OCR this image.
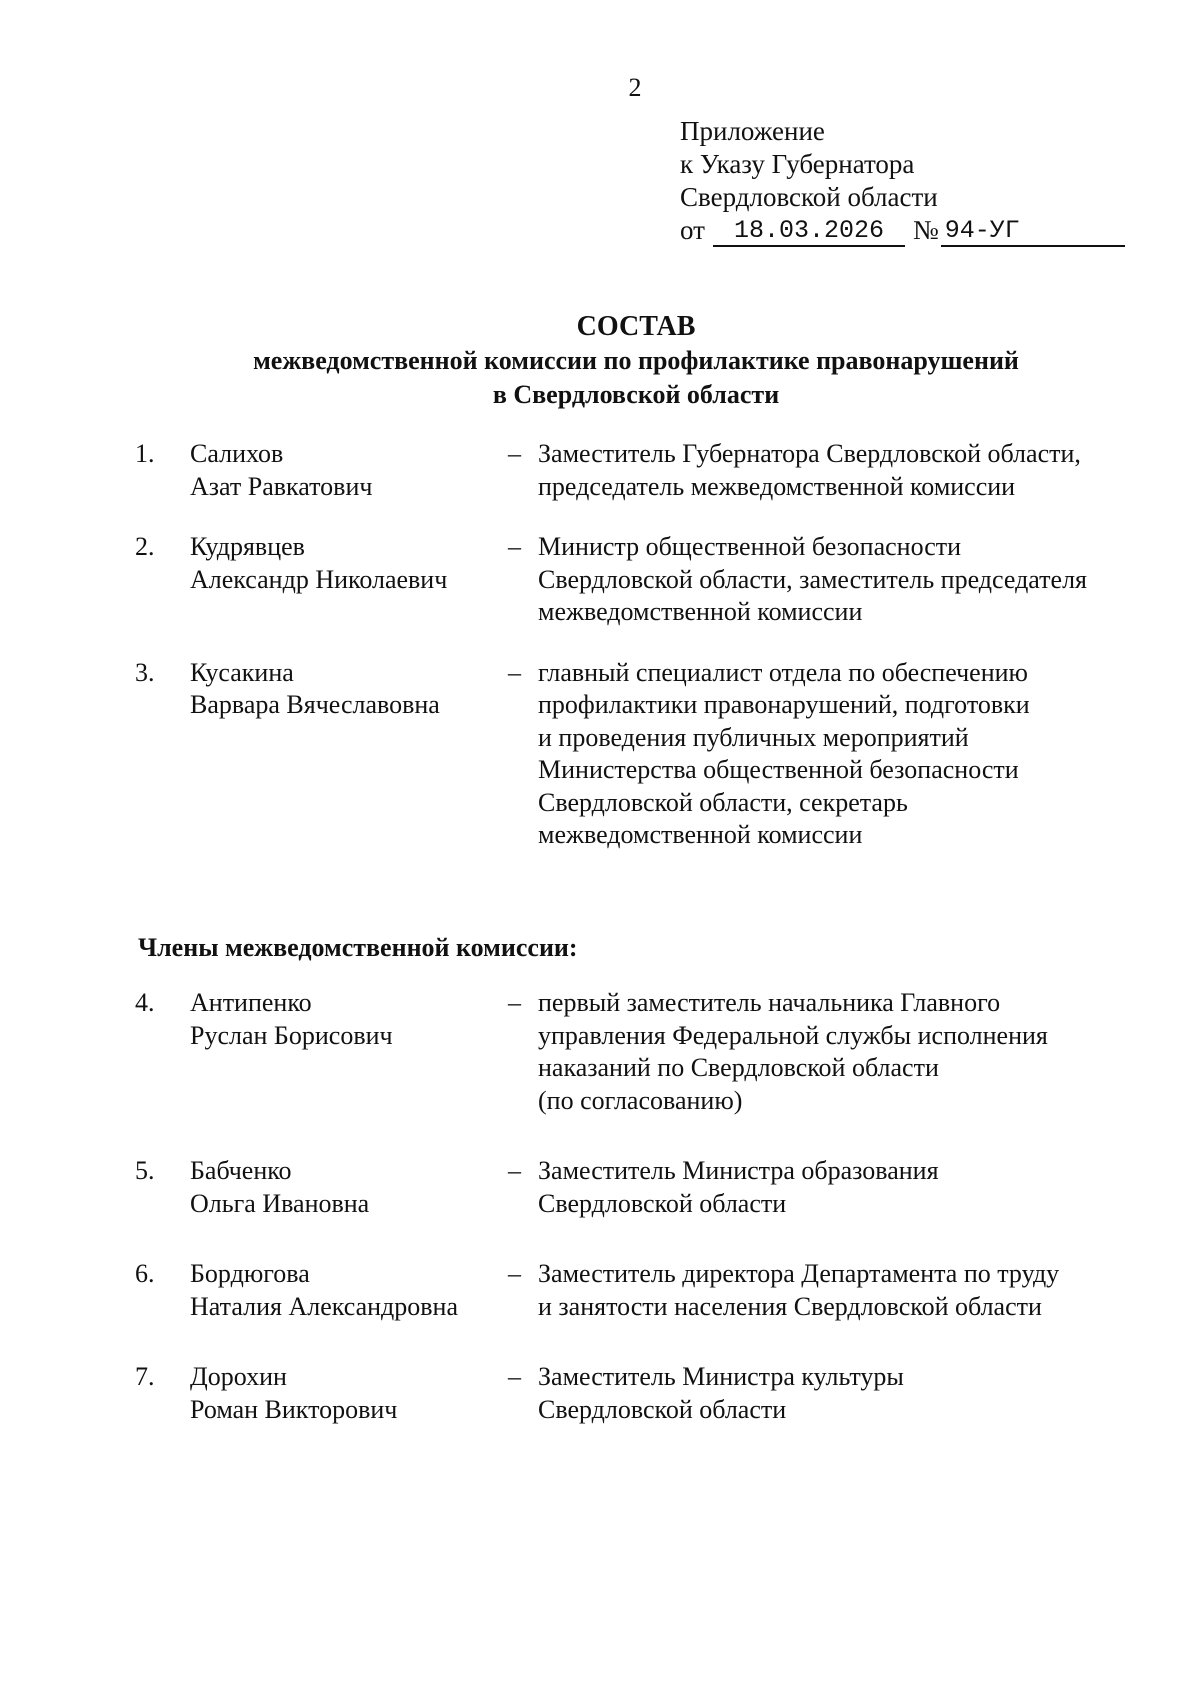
2
Приложение
к Указу Губернатора
Свердловской области
от	18.03.2026	№ 94-УГ
СОСТАВ
межведомственной комиссии по профилактике правонарушений
в Свердловской области
1.	Салихов
Азат Равкатович
– Заместитель Губернатора Свердловской области,
председатель межведомственной комиссии
2.	Кудрявцев
Александр Николаевич
– Министр общественной безопасности
Свердловской области, заместитель председателя
межведомственной комиссии
3.	Кусакина
Варвара Вячеславовна
– главный специалист отдела по обеспечению
профилактики правонарушений, подготовки
и проведения публичных мероприятий
Министерства общественной безопасности
Свердловской области, секретарь
межведомственной комиссии
Члены межведомственной комиссии:
4.	Антипенко
Руслан Борисович
– первый заместитель начальника Главного
управления Федеральной службы исполнения
наказаний по Свердловской области
(по согласованию)
5.	Бабченко
Ольга Ивановна
– Заместитель Министра образования
Свердловской области
6.	Бордюгова
Наталия Александровна
– Заместитель директора Департамента по труду
и занятости населения Свердловской области
7.	Дорохин
Роман Викторович
– Заместитель Министра культуры
Свердловской области
